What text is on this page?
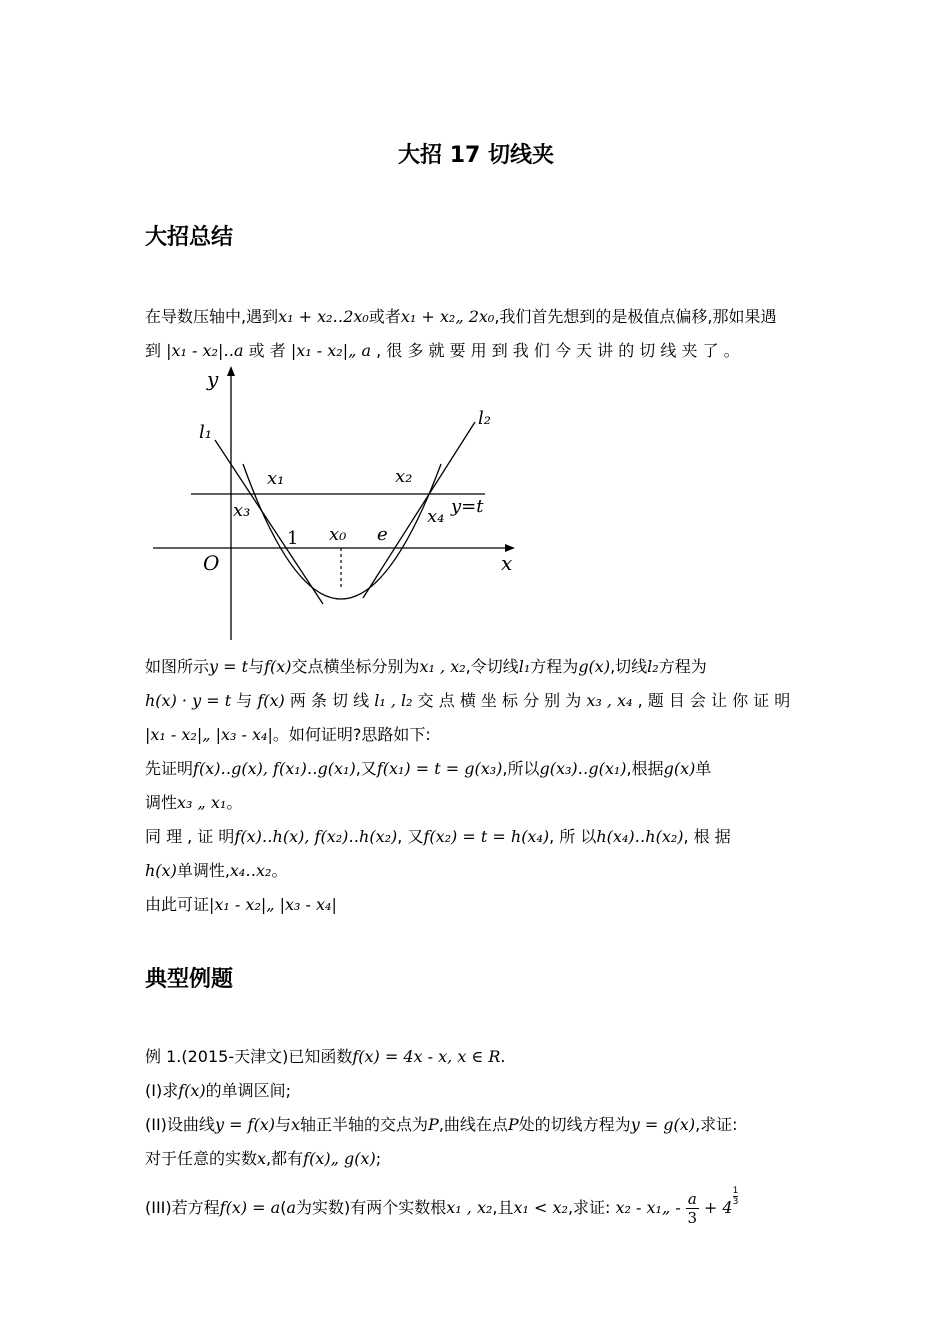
大招 17 切线夹
大招总结
在导数压轴中,遇到x₁ + x₂‥2x₀或者x₁ + x₂„ 2x₀,我们首先想到的是极值点偏移,那如果遇
到 |x₁ - x₂|‥a 或 者 |x₁ - x₂|„ a , 很 多 就 要 用 到 我 们 今 天 讲 的 切 线 夹 了 。
y
x
O
l₁
l₂
x₁	x₂
x₃	x₄
x₀
1	e
y=t
如图所示y = t与f(x)交点横坐标分别为x₁ , x₂,令切线l₁方程为g(x),切线l₂方程为
h(x) · y = t 与 f(x) 两 条 切 线 l₁ , l₂ 交 点 横 坐 标 分 别 为 x₃ , x₄ , 题 目 会 让 你 证 明
|x₁ - x₂|„ |x₃ - x₄|。如何证明?思路如下:
先证明f(x)‥g(x), f(x₁)‥g(x₁),又f(x₁) = t = g(x₃),所以g(x₃)‥g(x₁),根据g(x)单
调性x₃ „ x₁。
同 理 , 证 明f(x)‥h(x), f(x₂)‥h(x₂), 又f(x₂) = t = h(x₄), 所 以h(x₄)‥h(x₂), 根 据
h(x)单调性,x₄‥x₂。
由此可证|x₁ - x₂|„ |x₃ - x₄|
典型例题
例 1.(2015-天津文)已知函数f(x) = 4x - x, x ∈ R.
(I)求f(x)的单调区间;
(II)设曲线y = f(x)与x轴正半轴的交点为P,曲线在点P处的切线方程为y = g(x),求证:
对于任意的实数x,都有f(x)„ g(x);
(III)若方程f(x) = a(a为实数)有两个实数根x₁ , x₂,且x₁ < x₂,求证: x₂ - x₁„ - $\frac{a}{3} + 4$
$\frac{1}{3}$
